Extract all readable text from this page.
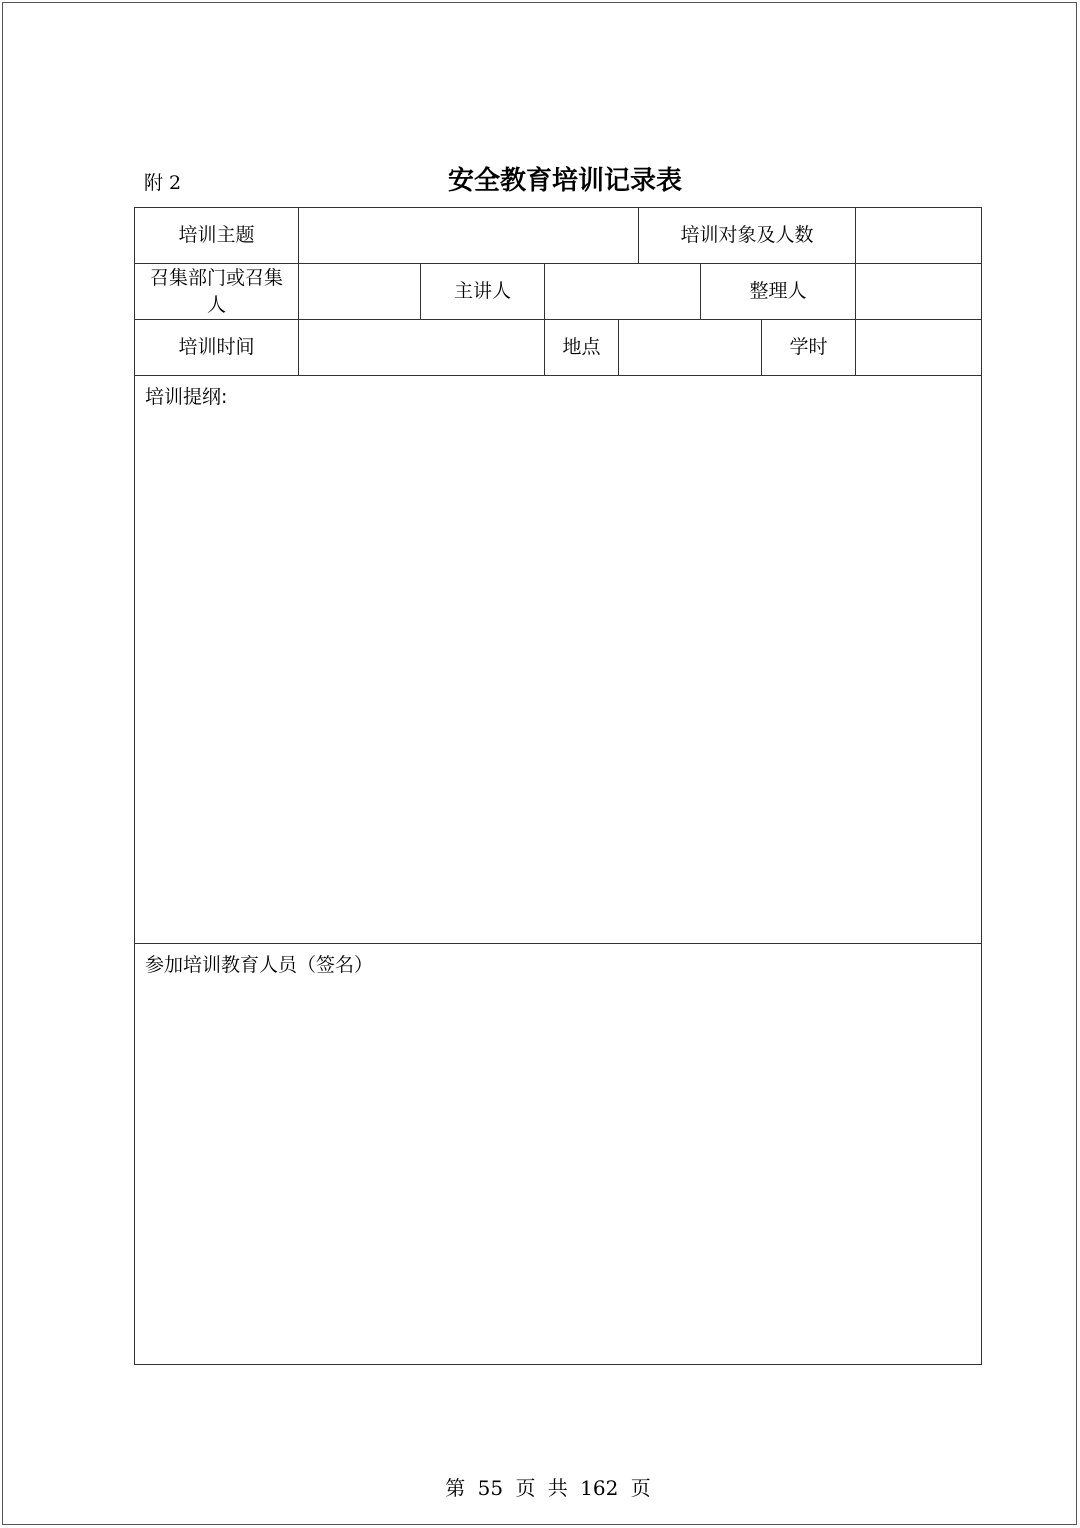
附 2	安全教育培训记录表
培训主题					培训对象及人数			
召集部门或召集人		主讲人				整理人		
培训时间			地点				学时	
培训提纲:								
参加培训教育人员（签名）								
第 55 页 共 162 页
